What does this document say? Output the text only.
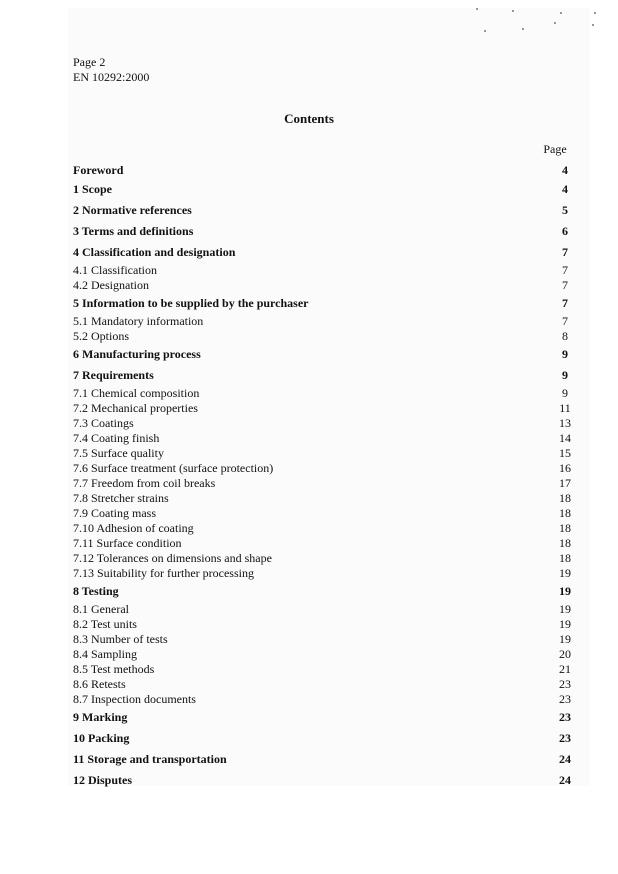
Page 2
EN 10292:2000
Contents
Page
Foreword	4
1 Scope	4
2 Normative references	5
3 Terms and definitions	6
4 Classification and designation	7
4.1 Classification	7
4.2 Designation	7
5 Information to be supplied by the purchaser	7
5.1 Mandatory information	7
5.2 Options	8
6 Manufacturing process	9
7 Requirements	9
7.1 Chemical composition	9
7.2 Mechanical properties	11
7.3 Coatings	13
7.4 Coating finish	14
7.5 Surface quality	15
7.6 Surface treatment (surface protection)	16
7.7 Freedom from coil breaks	17
7.8 Stretcher strains	18
7.9 Coating mass	18
7.10 Adhesion of coating	18
7.11 Surface condition	18
7.12 Tolerances on dimensions and shape	18
7.13 Suitability for further processing	19
8 Testing	19
8.1 General	19
8.2 Test units	19
8.3 Number of tests	19
8.4 Sampling	20
8.5 Test methods	21
8.6 Retests	23
8.7 Inspection documents	23
9 Marking	23
10 Packing	23
11 Storage and transportation	24
12 Disputes	24
